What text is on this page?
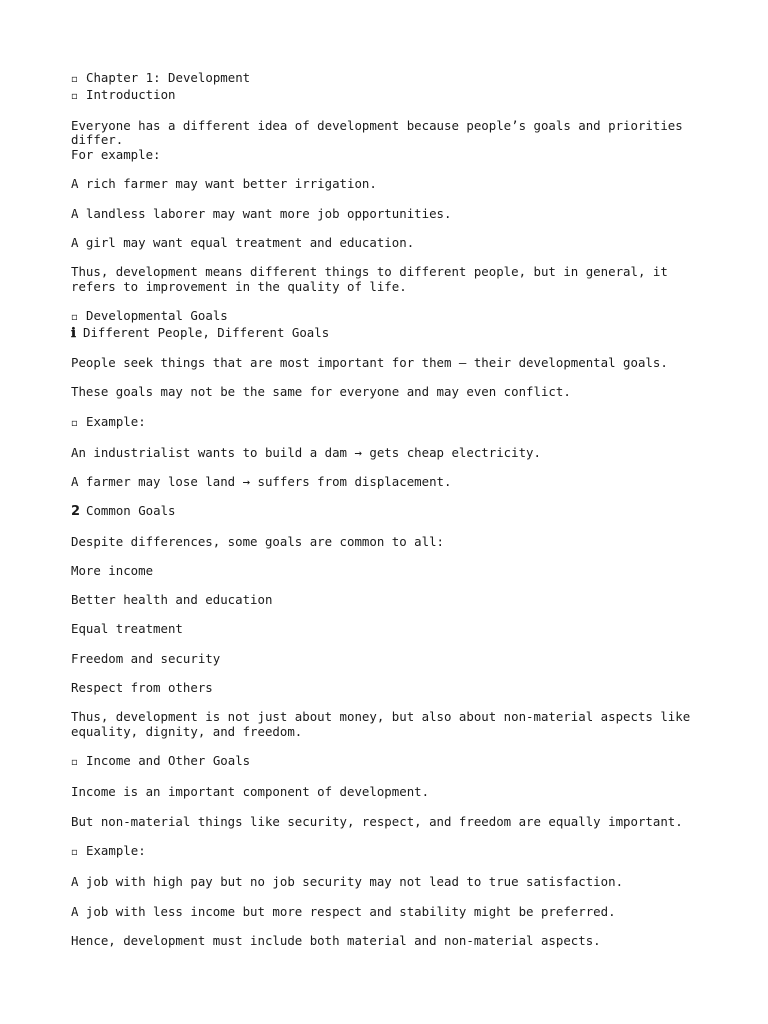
▫ Chapter 1: Development
▫ Introduction
Everyone has a different idea of development because people’s goals and priorities differ.
For example:
A rich farmer may want better irrigation.
A landless laborer may want more job opportunities.
A girl may want equal treatment and education.
Thus, development means different things to different people, but in general, it refers to improvement in the quality of life.
▫ Developmental Goals
ℹ Different People, Different Goals
People seek things that are most important for them — their developmental goals.
These goals may not be the same for everyone and may even conflict.
▫ Example:
An industrialist wants to build a dam → gets cheap electricity.
A farmer may lose land → suffers from displacement.
2 Common Goals
Despite differences, some goals are common to all:
More income
Better health and education
Equal treatment
Freedom and security
Respect from others
Thus, development is not just about money, but also about non-material aspects like equality, dignity, and freedom.
▫ Income and Other Goals
Income is an important component of development.
But non-material things like security, respect, and freedom are equally important.
▫ Example:
A job with high pay but no job security may not lead to true satisfaction.
A job with less income but more respect and stability might be preferred.
Hence, development must include both material and non-material aspects.
